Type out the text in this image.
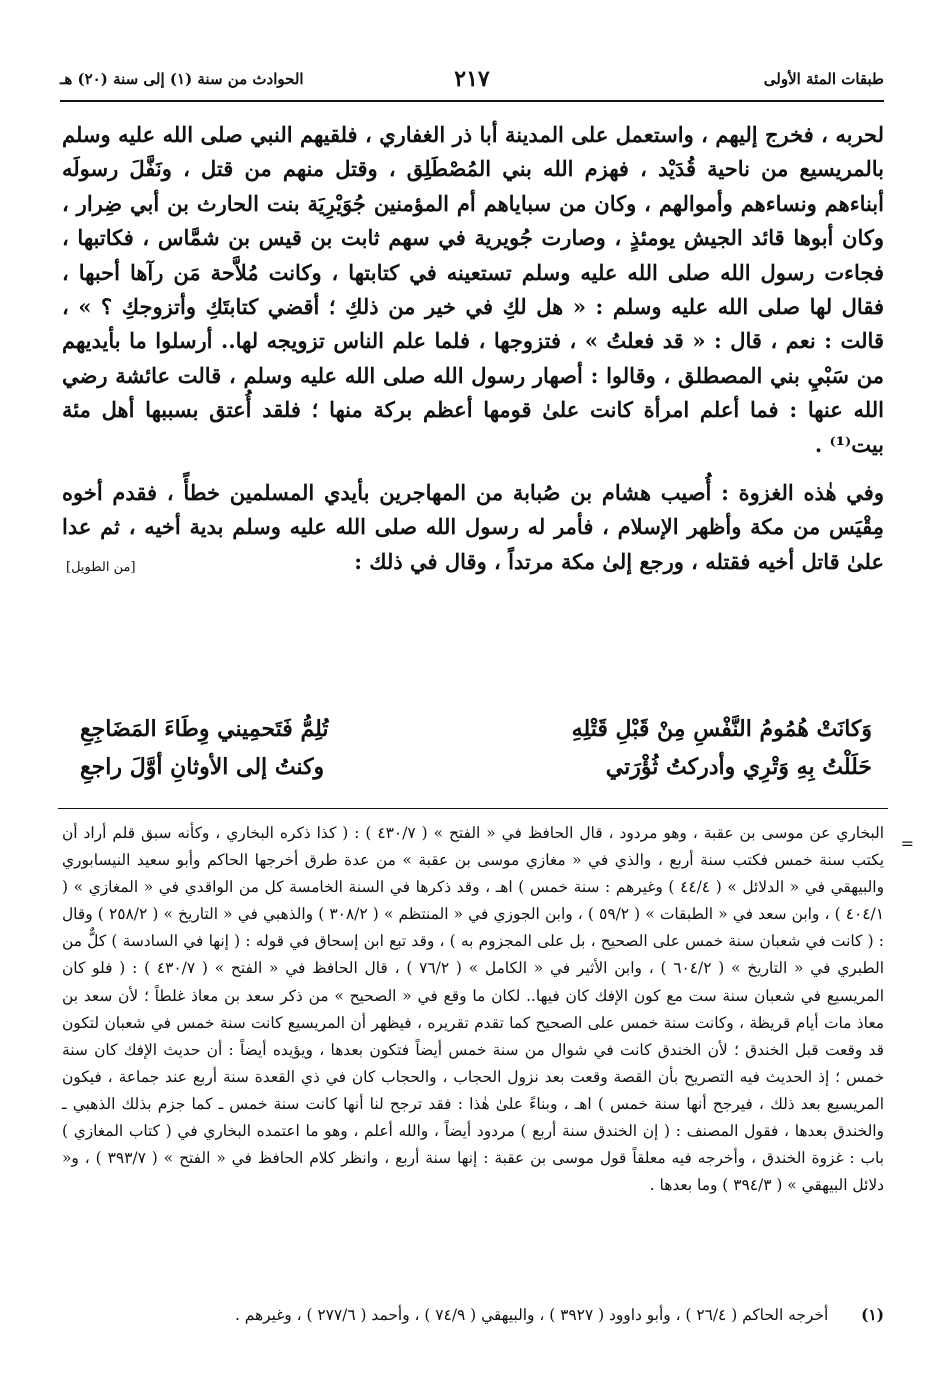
طبقات المئة الأولى
٢١٧
الحوادث من سنة (١) إلى سنة (٢٠) هـ

لحربه ، فخرج إليهم ، واستعمل على المدينة أبا ذر الغفاري ، فلقيهم النبي صلى الله عليه وسلم بالمريسيع من ناحية قُدَيْد ، فهزم الله بني المُصْطَلِق ، وقتل منهم من قتل ، ونَفَّلَ رسولَه أبناءهم ونساءهم وأموالهم ، وكان من سباياهم أم المؤمنين جُوَيْرِيَة بنت الحارث بن أبي ضِرار ، وكان أبوها قائد الجيش يومئذٍ ، وصارت جُويرية في سهم ثابت بن قيس بن شمَّاس ، فكاتبها ، فجاءت رسول الله صلى الله عليه وسلم تستعينه في كتابتها ، وكانت مُلاَّحة مَن رآها أحبها ، فقال لها صلى الله عليه وسلم : « هل لكِ في خير من ذلكِ ؛ أقضي كتابتَكِ وأتزوجكِ ؟ » ، قالت : نعم ، قال : « قد فعلتُ » ، فتزوجها ، فلما علم الناس تزويجه لها.. أرسلوا ما بأيديهم من سَبْيِ بني المصطلق ، وقالوا : أصهار رسول الله صلى الله عليه وسلم ، قالت عائشة رضي الله عنها : فما أعلم امرأة كانت علىٰ قومها أعظم بركة منها ؛ فلقد أُعتق بسببها أهل مئة بيت⁽¹⁾ .

وفي هٰذه الغزوة : أُصيب هشام بن صُبابة من المهاجرين بأيدي المسلمين خطأً ، فقدم أخوه مِقْيَس من مكة وأظهر الإسلام ، فأمر له رسول الله صلى الله عليه وسلم بدية أخيه ، ثم عدا علىٰ قاتل أخيه فقتله ، ورجع إلىٰ مكة مرتداً ، وقال في ذلك :
[من الطويل]

وَكانَتْ هُمُومُ النَّفْسِ مِنْ قَبْلِ قَتْلِهِ
تُلِمُّ فَتَحمِيني وِطَاءَ المَضَاجِعِ
حَلَلْتُ بِهِ وَتْرِي وأدركتُ ثُؤْرَتي
وكنتُ إلى الأوثانِ أوَّلَ راجعِ
=

البخاري عن موسى بن عقبة ، وهو مردود ، قال الحافظ في « الفتح » ( ٤٣٠/٧ ) : ( كذا ذكره البخاري ، وكأنه سبق قلم أراد أن يكتب سنة خمس فكتب سنة أربع ، والذي في « مغازي موسى بن عقبة » من عدة طرق أخرجها الحاكم وأبو سعيد النيسابوري والبيهقي في « الدلائل » ( ٤٤/٤ ) وغيرهم : سنة خمس ) اهـ ، وقد ذكرها في السنة الخامسة كل من الواقدي في « المغازي » ( ٤٠٤/١ ) ، وابن سعد في « الطبقات » ( ٥٩/٢ ) ، وابن الجوزي في « المنتظم » ( ٣٠٨/٢ ) والذهبي في « التاريخ » ( ٢٥٨/٢ ) وقال : ( كانت في شعبان سنة خمس على الصحيح ، بل على المجزوم به ) ، وقد تبع ابن إسحاق في قوله : ( إنها في السادسة ) كلٌّ من الطبري في « التاريخ » ( ٦٠٤/٢ ) ، وابن الأثير في « الكامل » ( ٧٦/٢ ) ، قال الحافظ في « الفتح » ( ٤٣٠/٧ ) : ( فلو كان المريسيع في شعبان سنة ست مع كون الإفك كان فيها.. لكان ما وقع في « الصحيح » من ذكر سعد بن معاذ غلطاً ؛ لأن سعد بن معاذ مات أيام قريظة ، وكانت سنة خمس على الصحيح كما تقدم تقريره ، فيظهر أن المريسيع كانت سنة خمس في شعبان لتكون قد وقعت قبل الخندق ؛ لأن الخندق كانت في شوال من سنة خمس أيضاً فتكون بعدها ، ويؤيده أيضاً : أن حديث الإفك كان سنة خمس ؛ إذ الحديث فيه التصريح بأن القصة وقعت بعد نزول الحجاب ، والحجاب كان في ذي القعدة سنة أربع عند جماعة ، فيكون المريسيع بعد ذلك ، فيرجح أنها سنة خمس ) اهـ ، وبناءً علىٰ هٰذا : فقد ترجح لنا أنها كانت سنة خمس ـ كما جزم بذلك الذهبي ـ والخندق بعدها ، فقول المصنف : ( إن الخندق سنة أربع ) مردود أيضاً ، والله أعلم ، وهو ما اعتمده البخاري في ( كتاب المغازي ) باب : غزوة الخندق ، وأخرجه فيه معلقاً قول موسى بن عقبة : إنها سنة أربع ، وانظر كلام الحافظ في « الفتح » ( ٣٩٣/٧ ) ، و« دلائل البيهقي » ( ٣٩٤/٣ ) وما بعدها .

(١) أخرجه الحاكم ( ٢٦/٤ ) ، وأبو داوود ( ٣٩٢٧ ) ، والبيهقي ( ٧٤/٩ ) ، وأحمد ( ٢٧٧/٦ ) ، وغيرهم .
